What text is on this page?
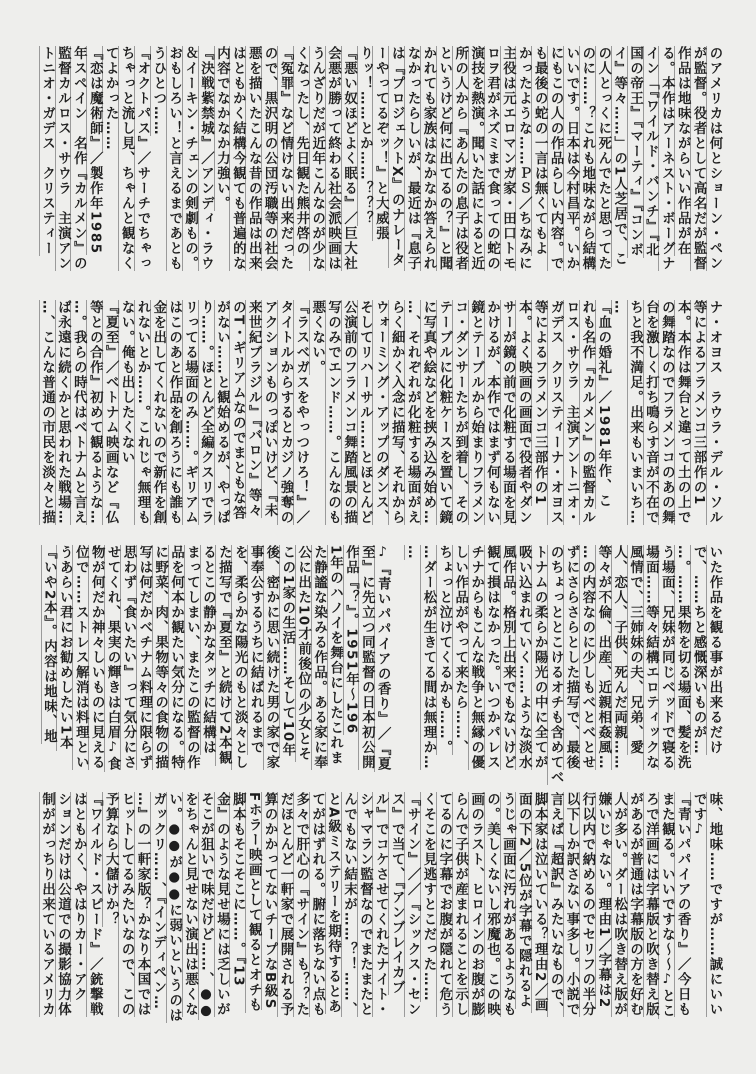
のアメリカは何とショーン・ペン
が監督。役者として高名だが監督
作品は地味ながらいい作品が在
る。本作はアーネスト・ボーグナ
イン「『ワイルド・バンチ』『北
国の帝王』『マーティ』『コンボ
イ』等々……」の1人芝居で、こ
の人とっくに死んでたと思ってた
のに……？これも地味ながら結構
いいです。日本は今村昌平。いか
にもこの人の作品らしい内容。で
も最後の蛇の一言は無くてもよ
かったような……ＰＳ／ちなみに
主役は元エロマンガ家・田口トモ
ロヲ君がネズミまで食っての蛇の
演技を熱演。聞いた話によると近
所の人から『あんたの息子は役者
というけど何に出てるの？』と聞
かれても家族はなかなか答えられ
なかったらしいが、最近は『息子
は『プロジェクトX』のナレータ
ーやってるぞッ！』と大威張
りッ！……とか……？？？
『悪い奴ほどよく眠る』／巨大社
会悪が勝って終わる社会派映画は
うんざりだが近年こんなのが少な
くなったし、先日観た熊井啓の
『冤罪』など情けない出来だった
ので、黒沢明の公団汚職等の社会
悪を描いたこんな昔の作品は出来
はともかく結構今観ても普遍的な
内容でなかなか力強い。
『決戦紫禁城』／アンディ・ラウ
＆イーキン・チェンの剣劇もの。
おもしろい！と言えるまであとも
うひとつ……
『オクトパス』／サーチでちゃっ
ちゃっと流し見、ちゃんと観なく
てよかった……
『恋は魔術師』／製作年1985
年スペイン　名作『カルメン』の
監督カルロス・サウラ　主演アン
トニオ・ガデス　クリスティー
ナ・オヨス　ラウラ・デル・ソル
等によるフラメンコ三部作の1
本。本作は舞台と違って土の上で
の舞踏なのでフラメンコのあの舞
台を激しく打ち鳴らす音が不在で
ちと我不満足。出来もいまいち…
…
『血の婚礼』／1981年作、こ
れも名作『カルメン』の監督カル
ロス・サウラ　主演アントニオ・
ガデス　クリスティーナ・オヨス
等によるフラメンコ三部作の1
本。よく映画の画面で役者やダン
サーが鏡の前で化粧する場面を見
かけるが、本作ではまず何もない
鏡とテーブルから始まりフラメン
コ・ダンサーたちが到着し、その
テーブルに化粧ケースを置いて鏡
に写真や絵などを挟み込み始め…
…、それぞれが化粧する場面がえ
らく細かく入念に描写、それから
ウォーミング・アップのダンス、
そしてリハーサル……とほとんど
公演前のフラメンコ舞踏風景の描
写のみでエンド……。こんなのも
悪くない。
『ラスベガスをやっつけろ！』／
タイトルからするとカジノ強奪の
アクションものっぽいけど、『未
来世紀ブラジル』『バロン』等々
のT・ギリアムなのでまともな答
がない……と観始めるが、やっぱ
り……。ほとんど全編クスリでラ
リってる場面のみ……。ギリアム
はこのあと作品を創ろうにも誰も
金を出してくれないので新作を創
れないとか……。これじゃ無理も
ない。俺も出したくない
『夏至』／ベトナム映画など『仏
等との合作』初めて観るような…
…。我らの時代はベトナムと言え
ば永遠に続くかと思われた戦場…
…、こんな普通の市民を淡々と描
いた作品を観る事が出来るだけ
で、……ちと感慨深いものが…
…。……果物を切る場面、髪を洗
う場面、兄妹が同じベッドで寝る
場面……等々結構エロティックな
風情で、三姉妹の夫、兄弟、愛
人、恋人、子供、死んだ両親……
等々が不倫、出産、近親相姦風…
…の内容なのに少しもべとべとせ
ずにさらさらとした描写で、最後
のちょっととこけるオチも含めてベ
トナムの柔らか陽光の中に全てが
吸い込まれていく……ような淡水
風作品。格別上出来でもないけど
観て損はなかった。いつかパレス
チナからもこんな戦争と無縁の優
しい作品がやって来たら……、
ちょっと泣けてくるかも……。
…ダー松が生きてる間は無理か…
…
♪『青いパパイアの香り』／『夏
至』に先立つ同監督の日本初公開
作品『？』。1951年〜196
1年のハノイを舞台にしたこれま
た静謐な染みる作品。ある家に奉
公に出た10才前後位の少女とそ
この1家の生活……そして10年
後、密かに思い続けた男の家で家
事奉公するうちに結ばれるまで
を、柔らかな陽光のもと淡々とし
た描写で『夏至』と続けて2本観
るとこの静かなタッチに結構は
まってしまい、またこの監督の作
品を何本か観たい気分になる。特
に野菜、肉、果物等々の食物の描
写は何だかベチナム料理に限らず
思わず『食いたい』って気分にさ
せてくれ、果実の輝きは白眉♪食
物が何だか神々しいものに見える
位で……ストレス解消は料理とい
うあらい君にお勧めしたい1本
『いや2本』。内容は地味、地
味、地味……ですが……誠にいい
です♪
『青いパパイアの香り』／今日も
また観る。いいですな〜〜♪とこ
ろで洋画には字幕版と吹き替え版
があるが普通は字幕版の方を好む
人が多い。ダー松は吹き替え版が
嫌いじゃない。理由1／字幕は2
行以内で納めるのでセリフの半分
以下しか訳さない事多し。小説で
言えば『超訳』みたいなもので、
脚本家は泣いている？理由2／画
面の下2／5位が字幕で隠れるよ
うじゃ画面に汚れがあるようなも
の。美しくないし邪魔也。この映
画のラスト、ヒロインのお腹が膨
らんで子供が産まれることを示し
てるのに字幕でお腹が隠れて危う
くそこを見逃すとこだった……
『サイン』／／『シックス・セン
ス』で当て、『アンブレイカブ
ル』でコケさせてくれたナイト・
シャマラン監督なのでまたまたと
んでもない結末が……？！……、
とA級ミステリーを期待するとあ
てがはずれる。腑に落ちない点も
多々で肝心の『サイン』も？？た
だほとんど一軒家で展開される予
算のかかってないチープなB級S
Fホラー映画として観るとオチも
脚本もそこそこに……。『13
金』のような見せ場には乏しいが
そこが狙いで味だけど……、●●
をちゃんと見せない演出は悪くな
い。●●が●●に弱いというのは
ガックリ……、『インディペン…
…』の一軒家版？かなり本国では
ヒットしてるみたいなので、この
予算なら大儲けか？
『ワイルド・スピード』／銃撃戦
はともかく、やはりカー・アク
ションだけは公道での撮影協力体
制ががっちり出来ているアメリカ
